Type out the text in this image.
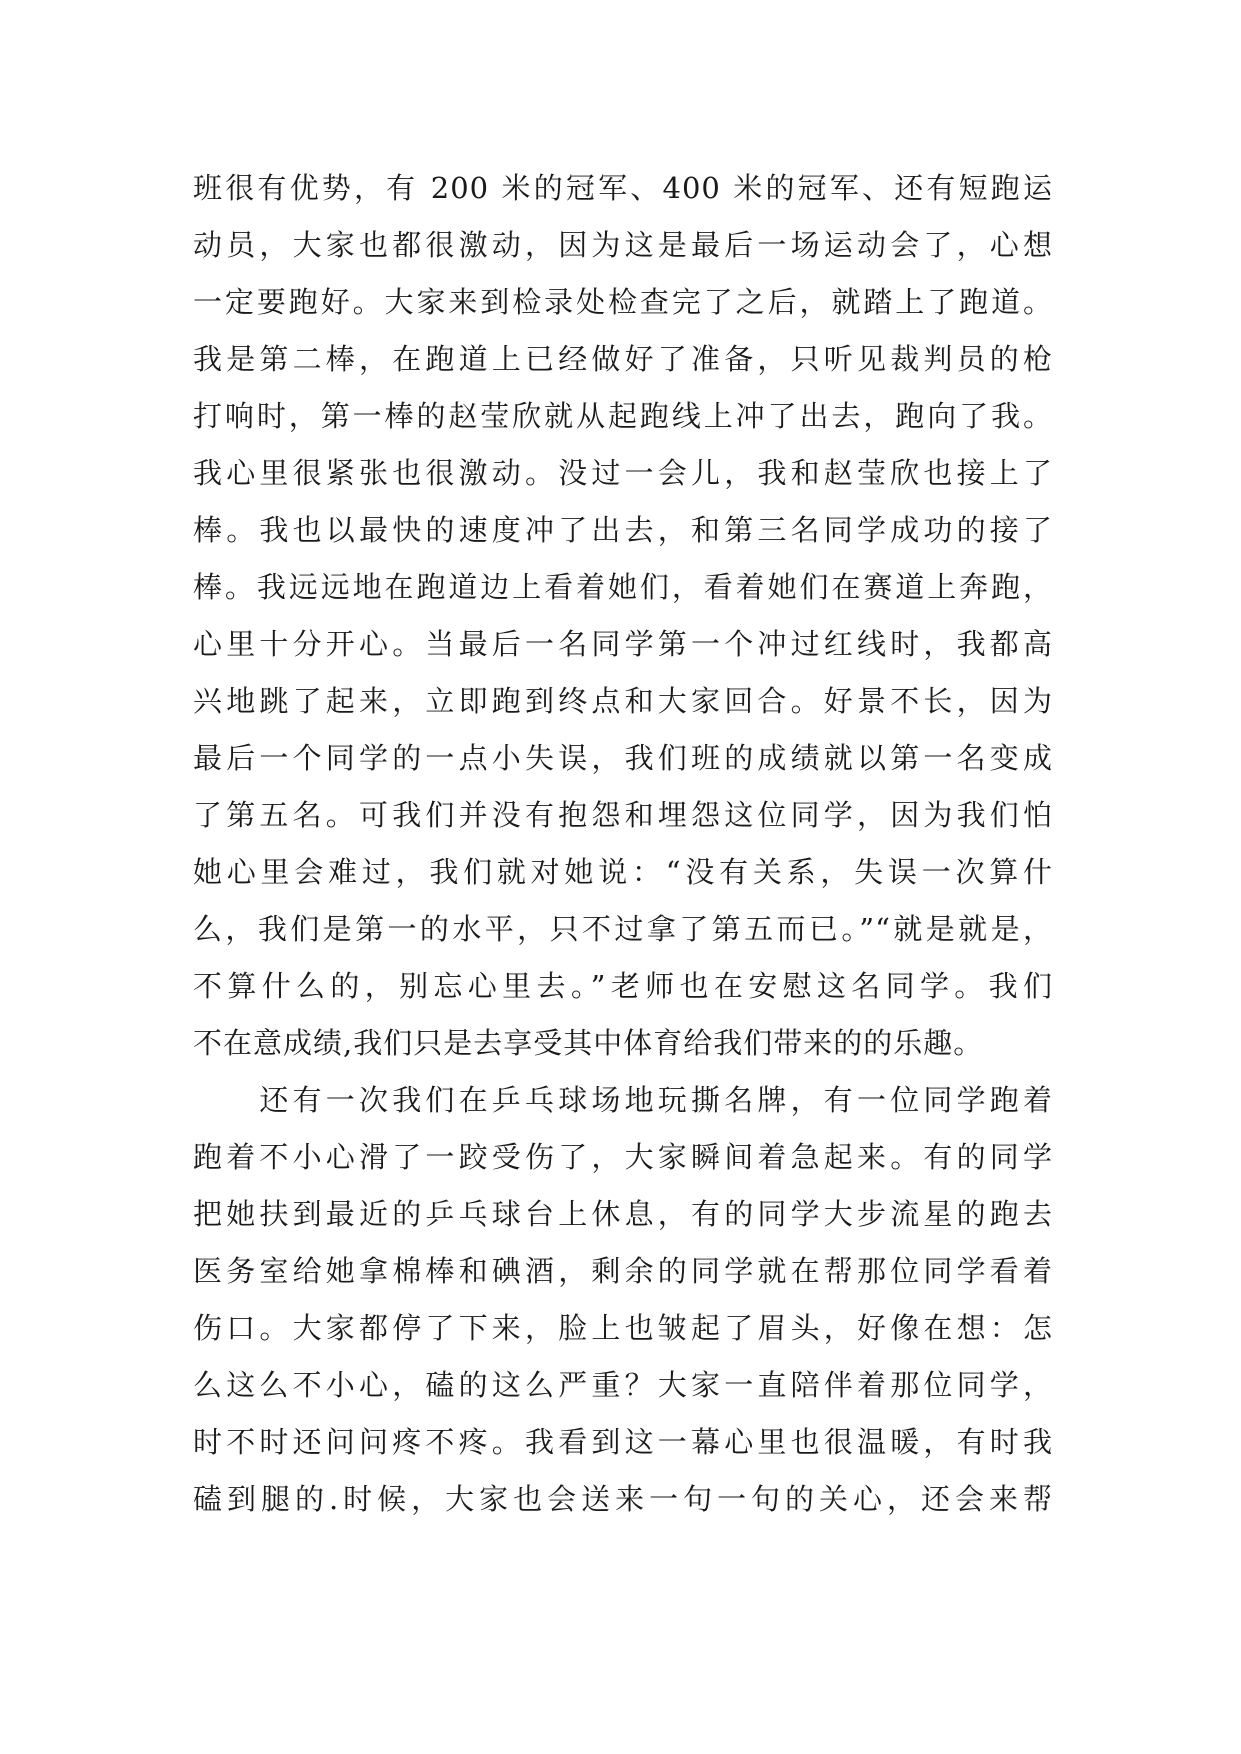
班很有优势，有 200 米的冠军、400 米的冠军、还有短跑运
动员，大家也都很激动，因为这是最后一场运动会了，心想
一定要跑好。大家来到检录处检查完了之后，就踏上了跑道。
我是第二棒，在跑道上已经做好了准备，只听见裁判员的枪
打响时，第一棒的赵莹欣就从起跑线上冲了出去，跑向了我。
我心里很紧张也很激动。没过一会儿，我和赵莹欣也接上了
棒。我也以最快的速度冲了出去，和第三名同学成功的接了
棒。我远远地在跑道边上看着她们，看着她们在赛道上奔跑，
心里十分开心。当最后一名同学第一个冲过红线时，我都高
兴地跳了起来，立即跑到终点和大家回合。好景不长，因为
最后一个同学的一点小失误，我们班的成绩就以第一名变成
了第五名。可我们并没有抱怨和埋怨这位同学，因为我们怕
她心里会难过，我们就对她说：“没有关系，失误一次算什
么，我们是第一的水平，只不过拿了第五而已。”“就是就是，
不算什么的，别忘心里去。”老师也在安慰这名同学。我们
不在意成绩,我们只是去享受其中体育给我们带来的的乐趣。
　　还有一次我们在乒乓球场地玩撕名牌，有一位同学跑着
跑着不小心滑了一跤受伤了，大家瞬间着急起来。有的同学
把她扶到最近的乒乓球台上休息，有的同学大步流星的跑去
医务室给她拿棉棒和碘酒，剩余的同学就在帮那位同学看着
伤口。大家都停了下来，脸上也皱起了眉头，好像在想：怎
么这么不小心，磕的这么严重？大家一直陪伴着那位同学，
时不时还问问疼不疼。我看到这一幕心里也很温暖，有时我
磕到腿的.时候，大家也会送来一句一句的关心，还会来帮
